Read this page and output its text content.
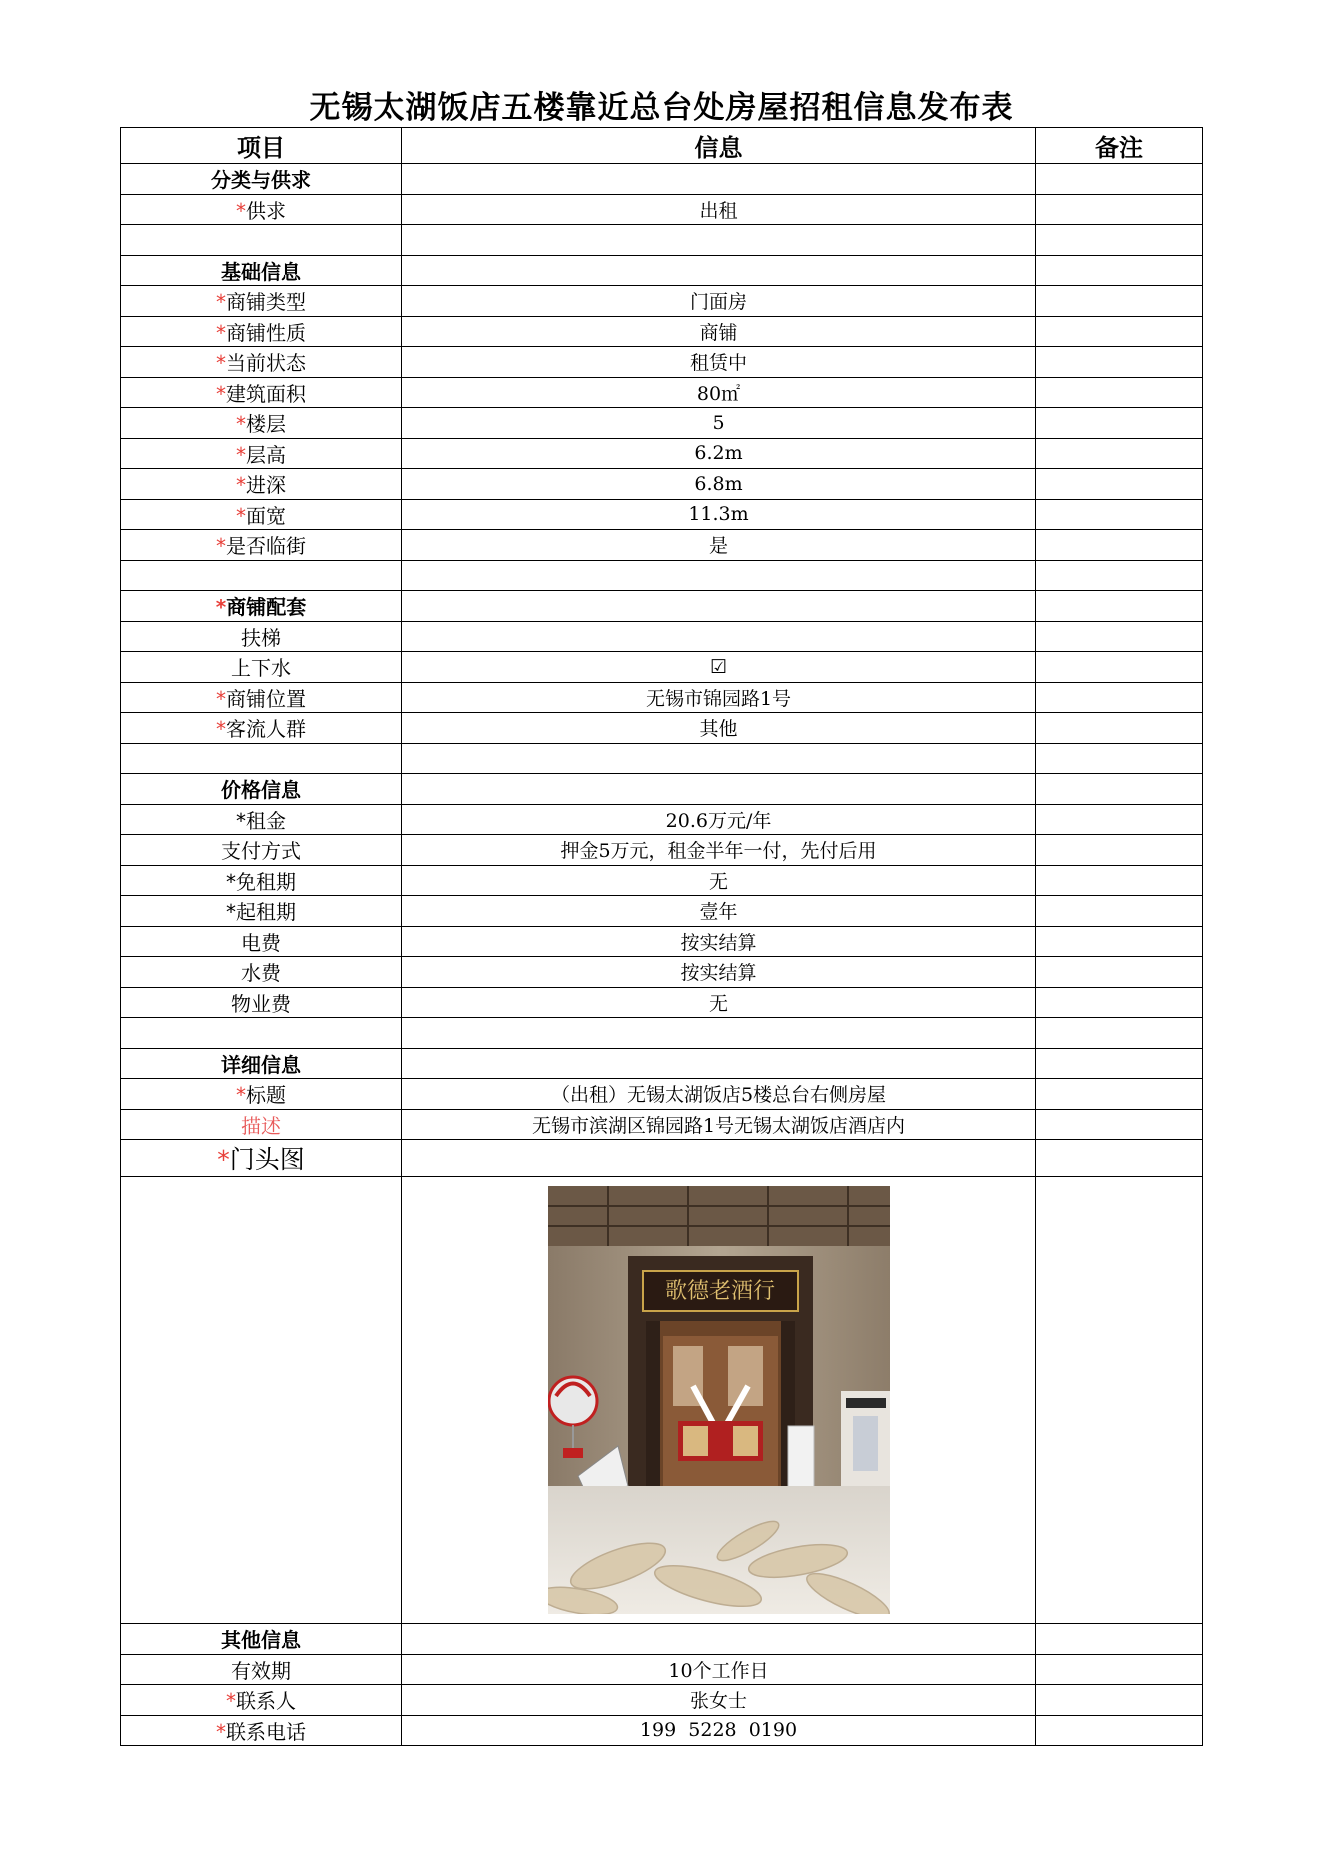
无锡太湖饭店五楼靠近总台处房屋招租信息发布表
项目	信息	备注
分类与供求		
*供求	出租	

基础信息		
*商铺类型	门面房	
*商铺性质	商铺	
*当前状态	租赁中	
*建筑面积	80㎡	
*楼层	5	
*层高	6.2m	
*进深	6.8m	
*面宽	11.3m	
*是否临街	是	

*商铺配套		
扶梯		
上下水	☑	
*商铺位置	无锡市锦园路1号	
*客流人群	其他	

价格信息		
*租金	20.6万元/年	
支付方式	押金5万元，租金半年一付，先付后用	
*免租期	无	
*起租期	壹年	
电费	按实结算	
水费	按实结算	
物业费	无	

详细信息		
*标题	（出租）无锡太湖饭店5楼总台右侧房屋	
描述	无锡市滨湖区锦园路1号无锡太湖饭店酒店内	
*门头图		

歌德老酒行	

其他信息		
有效期	10个工作日	
*联系人	张女士	
*联系电话	199  5228  0190	
